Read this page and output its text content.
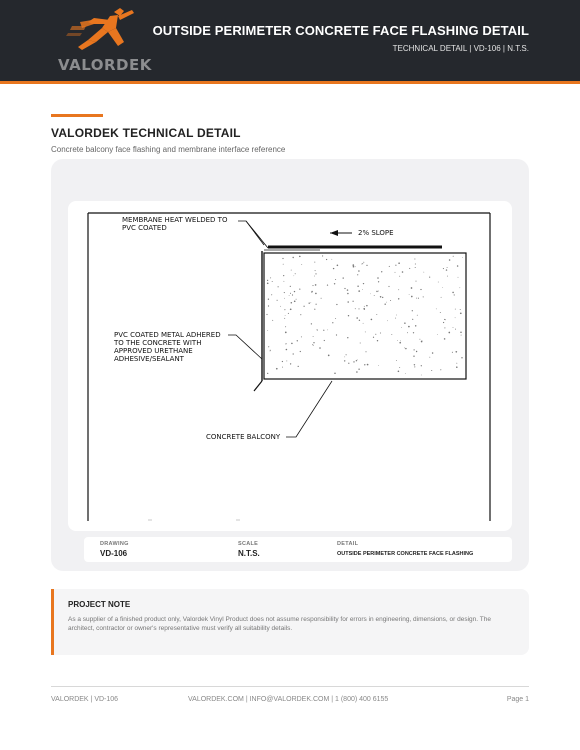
VALORDEK
OUTSIDE PERIMETER CONCRETE FACE FLASHING DETAIL
TECHNICAL DETAIL | VD-106 | N.T.S.
VALORDEK TECHNICAL DETAIL
Concrete balcony face flashing and membrane interface reference
2% SLOPE
MEMBRANE HEAT WELDED TO
PVC COATED
PVC COATED METAL ADHERED
TO THE CONCRETE WITH
APPROVED URETHANE
ADHESIVE/SEALANT
CONCRETE BALCONY
DRAWING
VD-106
SCALE
N.T.S.
DETAIL
OUTSIDE PERIMETER CONCRETE FACE FLASHING
PROJECT NOTE
As a supplier of a finished product only, Valordek Vinyl Product does not assume responsibility for errors in engineering, dimensions, or design. The architect, contractor or owner's representative must verify all suitability details.
VALORDEK | VD-106	VALORDEK.COM | INFO@VALORDEK.COM | 1 (800) 400 6155	Page 1
